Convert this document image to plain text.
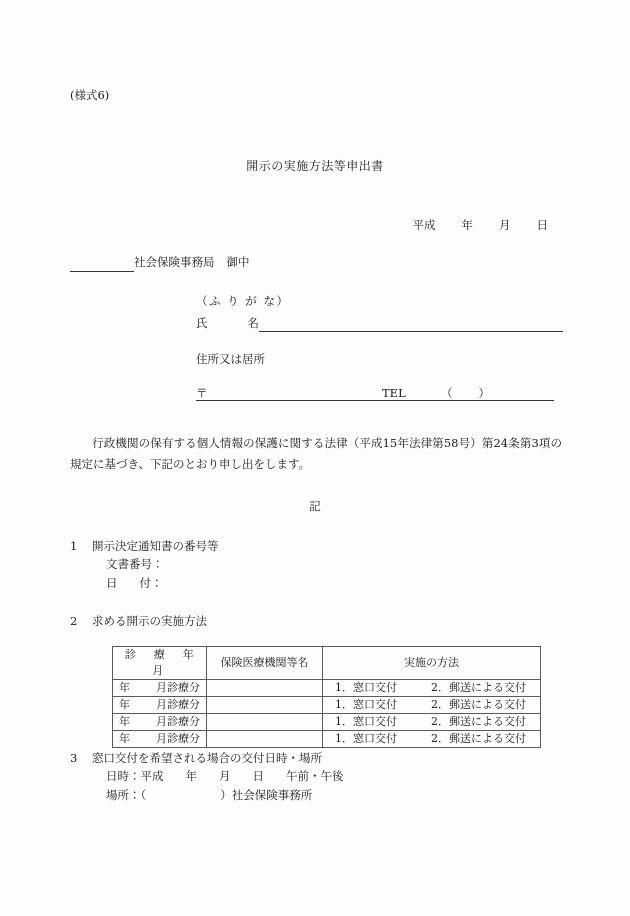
(様式6)
開示の実施方法等申出書
平成 年 月 日
社会保険事務局 御中
（ふ り が な）
氏	名
住所又は居所
〒	TEL	（ ）
行政機関の保有する個人情報の保護に関する法律（平成15年法律第58号）第24条第3項の規定に基づき、下記のとおり申し出をします。
記
1 開示決定通知書の番号等
文書番号：
日 付：
2 求める開示の実施方法
診　療　年　月	保険医療機関等名	実施の方法
年 月診療分		1．窓口交付 2．郵送による交付

年 月診療分		1．窓口交付 2．郵送による交付

年 月診療分		1．窓口交付 2．郵送による交付

年 月診療分		1．窓口交付 2．郵送による交付
3 窓口交付を希望される場合の交付日時・場所
日時：平成 年 月 日 午前・午後
場所：（	）社会保険事務所
